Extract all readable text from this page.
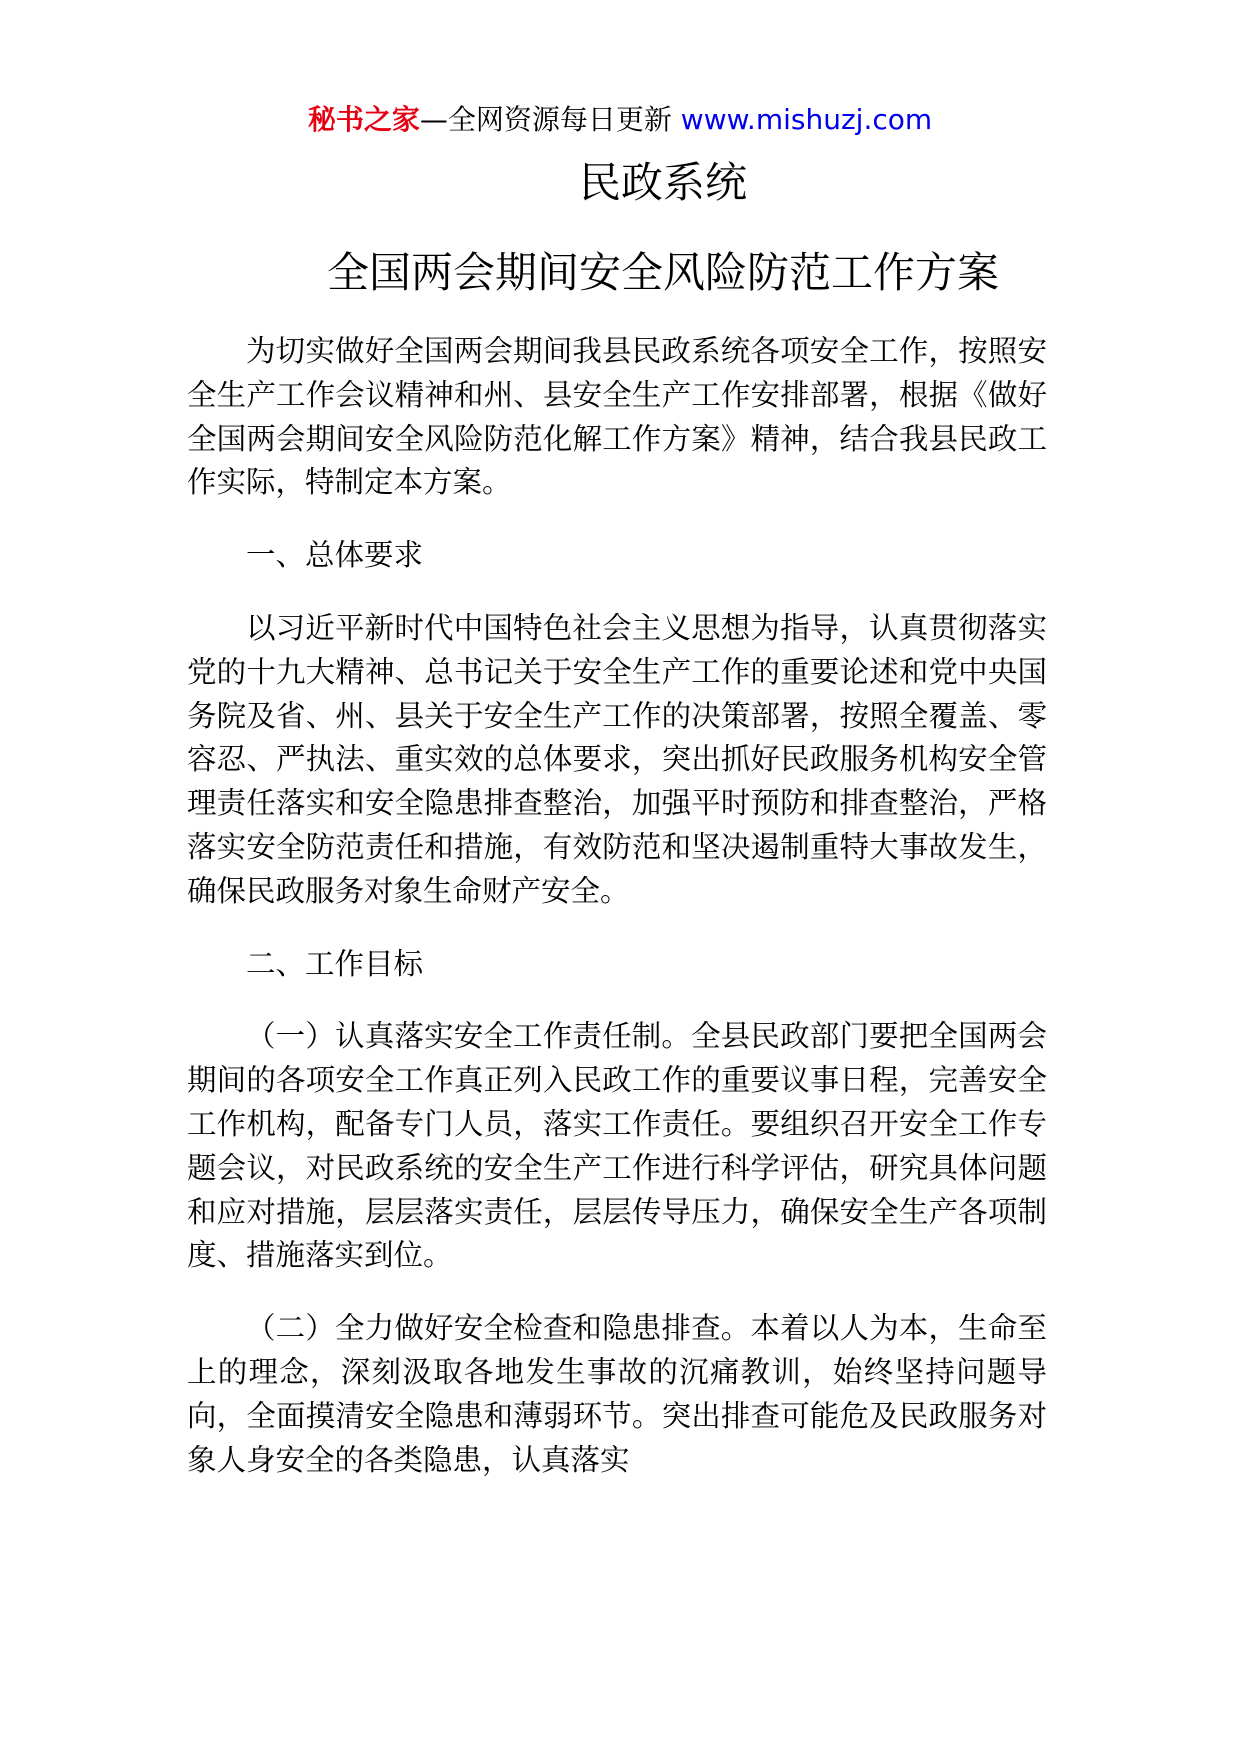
秘书之家—全网资源每日更新 www.mishuzj.com
民政系统
全国两会期间安全风险防范工作方案

为切实做好全国两会期间我县民政系统各项安全工作，按照安全生产工作会议精神和州、县安全生产工作安排部署，根据《做好全国两会期间安全风险防范化解工作方案》精神，结合我县民政工作实际，特制定本方案。

一、总体要求

以习近平新时代中国特色社会主义思想为指导，认真贯彻落实党的十九大精神、总书记关于安全生产工作的重要论述和党中央国务院及省、州、县关于安全生产工作的决策部署，按照全覆盖、零容忍、严执法、重实效的总体要求，突出抓好民政服务机构安全管理责任落实和安全隐患排查整治，加强平时预防和排查整治，严格落实安全防范责任和措施，有效防范和坚决遏制重特大事故发生，确保民政服务对象生命财产安全。

二、工作目标

（一）认真落实安全工作责任制。全县民政部门要把全国两会期间的各项安全工作真正列入民政工作的重要议事日程，完善安全工作机构，配备专门人员，落实工作责任。要组织召开安全工作专题会议，对民政系统的安全生产工作进行科学评估，研究具体问题和应对措施，层层落实责任，层层传导压力，确保安全生产各项制度、措施落实到位。

（二）全力做好安全检查和隐患排查。本着以人为本，生命至上的理念，深刻汲取各地发生事故的沉痛教训，始终坚持问题导向，全面摸清安全隐患和薄弱环节。突出排查可能危及民政服务对象人身安全的各类隐患，认真落实
